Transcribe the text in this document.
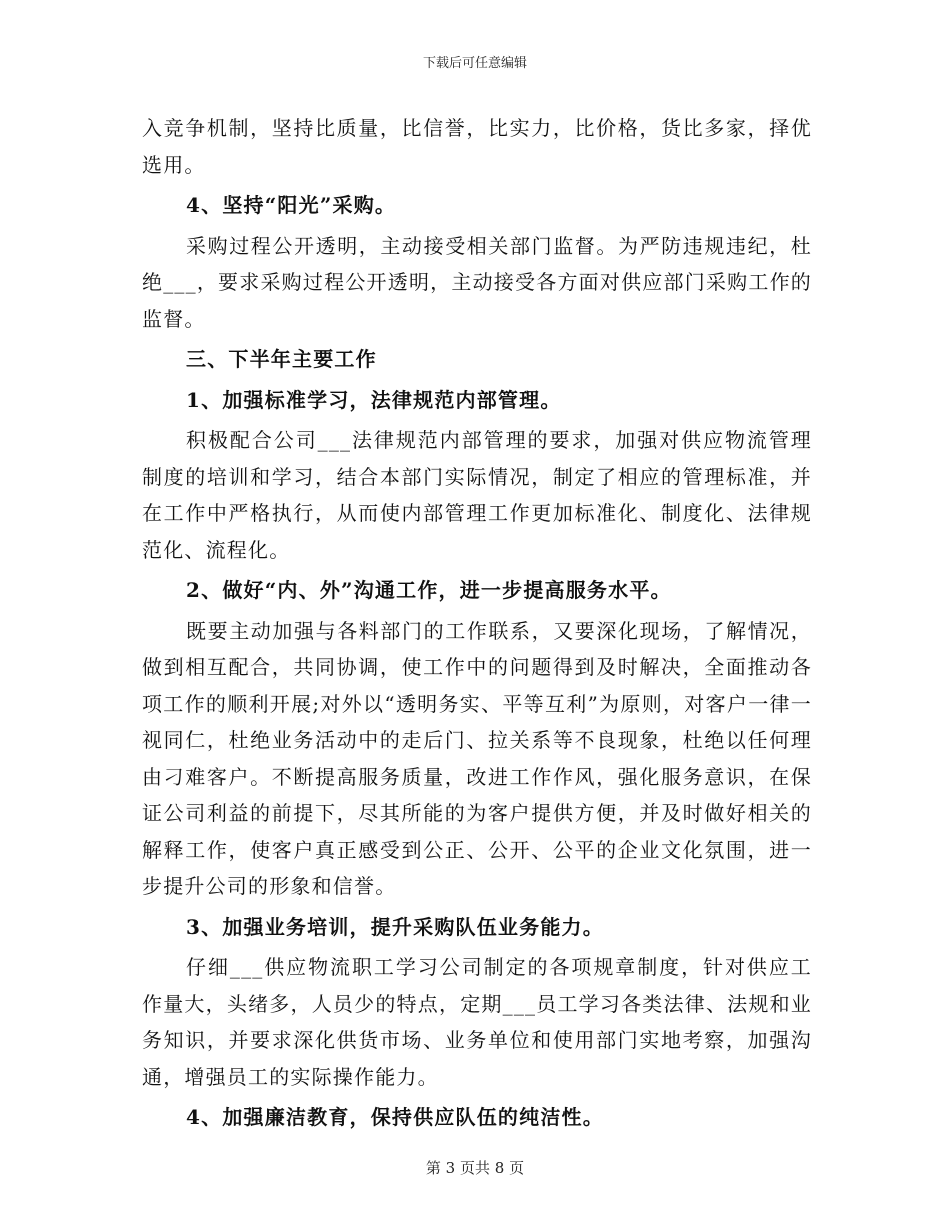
下载后可任意编辑

入竞争机制，坚持比质量，比信誉，比实力，比价格，货比多家，择优选用。

4、坚持“阳光”采购。

采购过程公开透明，主动接受相关部门监督。为严防违规违纪，杜绝___，要求采购过程公开透明，主动接受各方面对供应部门采购工作的监督。

三、下半年主要工作

1、加强标准学习，法律规范内部管理。

积极配合公司___法律规范内部管理的要求，加强对供应物流管理制度的培训和学习，结合本部门实际情况，制定了相应的管理标准，并在工作中严格执行，从而使内部管理工作更加标准化、制度化、法律规范化、流程化。

2、做好“内、外”沟通工作，进一步提高服务水平。

既要主动加强与各料部门的工作联系，又要深化现场，了解情况，做到相互配合，共同协调，使工作中的问题得到及时解决，全面推动各项工作的顺利开展;对外以“透明务实、平等互利”为原则，对客户一律一视同仁，杜绝业务活动中的走后门、拉关系等不良现象，杜绝以任何理由刁难客户。不断提高服务质量，改进工作作风，强化服务意识，在保证公司利益的前提下，尽其所能的为客户提供方便，并及时做好相关的解释工作，使客户真正感受到公正、公开、公平的企业文化氛围，进一步提升公司的形象和信誉。

3、加强业务培训，提升采购队伍业务能力。

仔细___供应物流职工学习公司制定的各项规章制度，针对供应工作量大，头绪多，人员少的特点，定期___员工学习各类法律、法规和业务知识，并要求深化供货市场、业务单位和使用部门实地考察，加强沟通，增强员工的实际操作能力。

4、加强廉洁教育，保持供应队伍的纯洁性。

第 3 页共 8 页
